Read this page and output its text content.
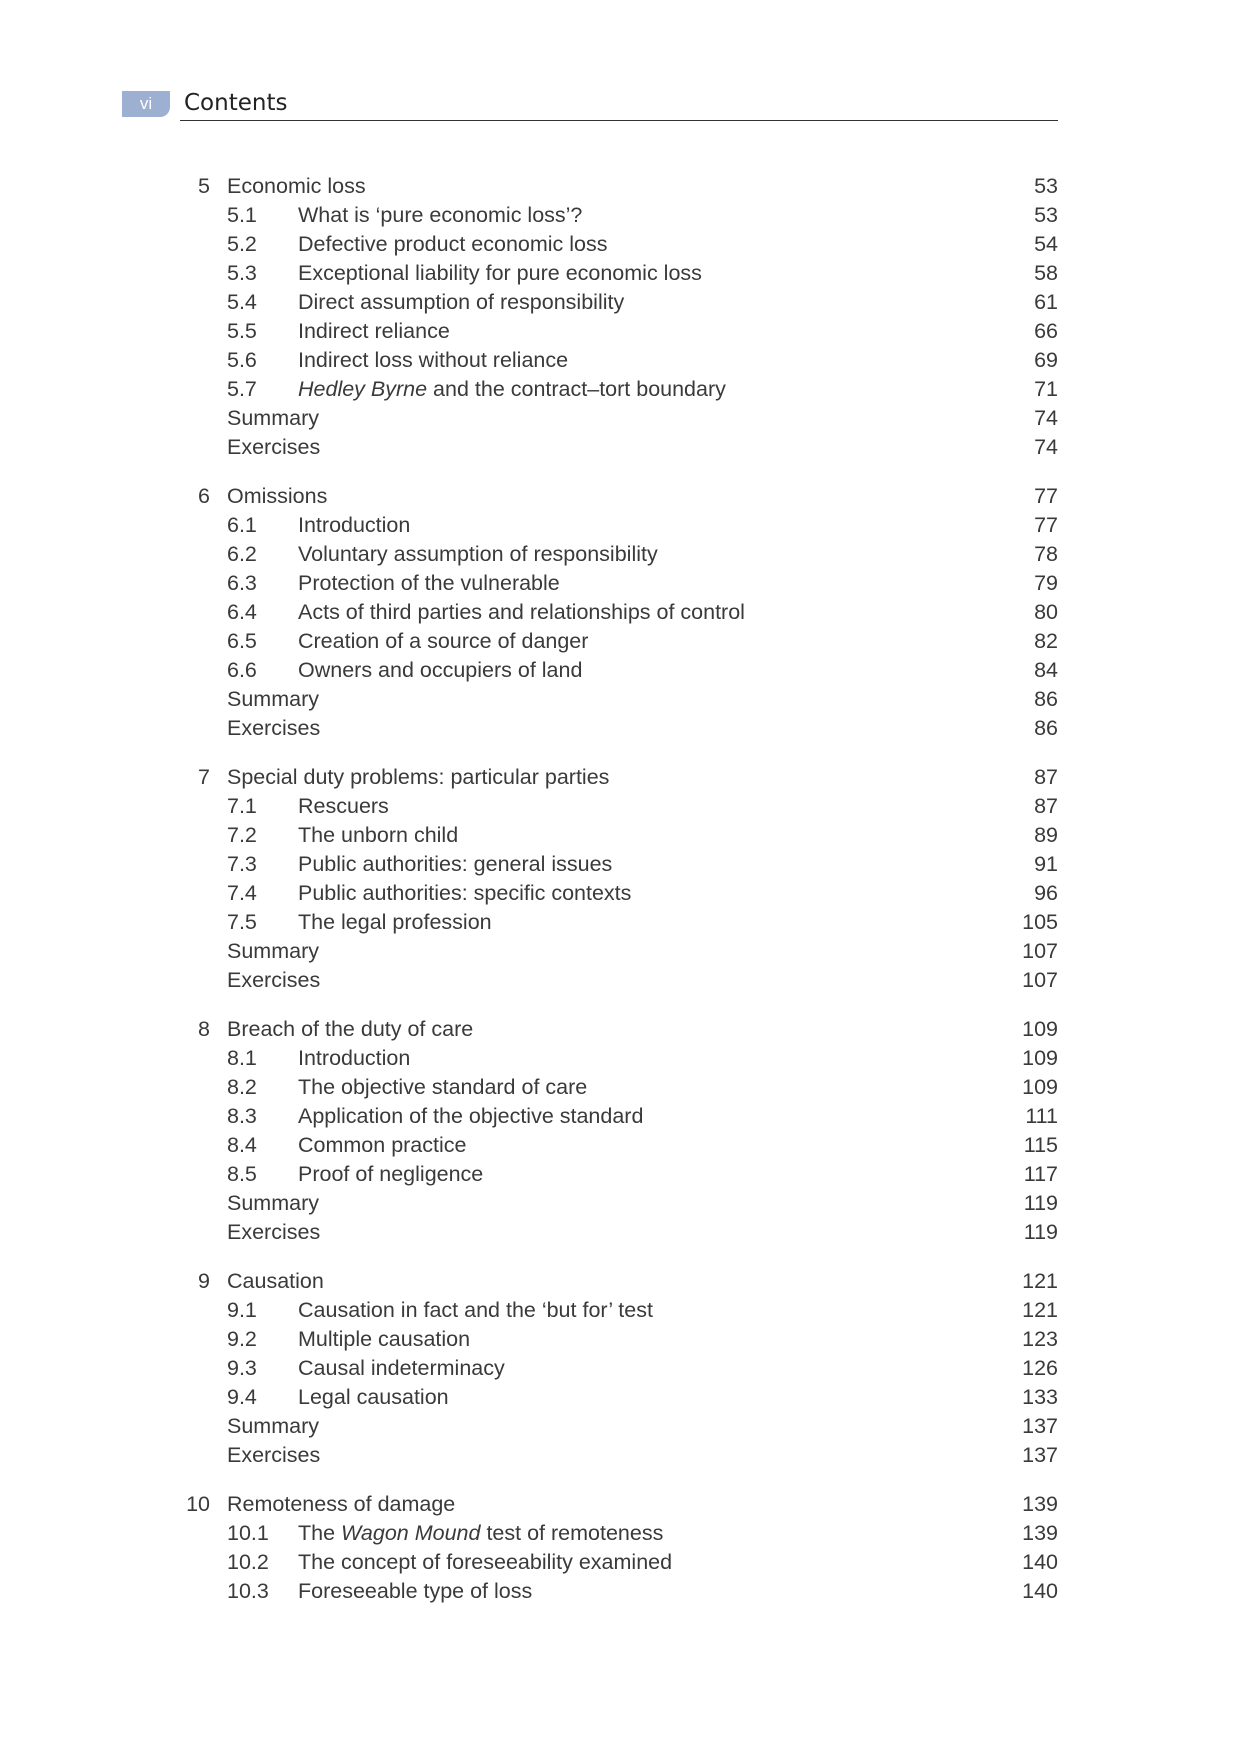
vi	Contents
5 Economic loss	53
5.1 What is ‘pure economic loss’?	53
5.2 Defective product economic loss	54
5.3 Exceptional liability for pure economic loss	58
5.4 Direct assumption of responsibility	61
5.5 Indirect reliance	66
5.6 Indirect loss without reliance	69
5.7 Hedley Byrne and the contract–tort boundary	71
Summary	74
Exercises	74
6 Omissions	77
6.1 Introduction	77
6.2 Voluntary assumption of responsibility	78
6.3 Protection of the vulnerable	79
6.4 Acts of third parties and relationships of control	80
6.5 Creation of a source of danger	82
6.6 Owners and occupiers of land	84
Summary	86
Exercises	86
7 Special duty problems: particular parties	87
7.1 Rescuers	87
7.2 The unborn child	89
7.3 Public authorities: general issues	91
7.4 Public authorities: specific contexts	96
7.5 The legal profession	105
Summary	107
Exercises	107
8 Breach of the duty of care	109
8.1 Introduction	109
8.2 The objective standard of care	109
8.3 Application of the objective standard	111
8.4 Common practice	115
8.5 Proof of negligence	117
Summary	119
Exercises	119
9 Causation	121
9.1 Causation in fact and the ‘but for’ test	121
9.2 Multiple causation	123
9.3 Causal indeterminacy	126
9.4 Legal causation	133
Summary	137
Exercises	137
10 Remoteness of damage	139
10.1 The Wagon Mound test of remoteness	139
10.2 The concept of foreseeability examined	140
10.3 Foreseeable type of loss	140
